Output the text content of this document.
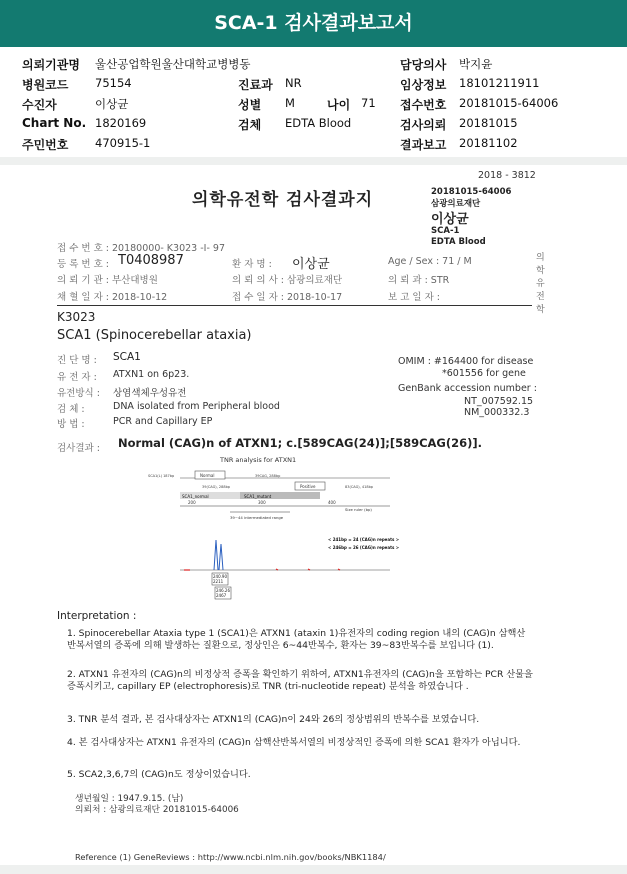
SCA-1 검사결과보고서
의뢰기관명 울산공업학원울산대학교병병동	담당의사 박지윤
병원코드 75154	진료과 NR	임상정보 18101211911
수진자	이상균	성별 M	나이 71 접수번호 20181015-64006
Chart No. 1820169	검체 EDTA Blood	검사의뢰 20181015
주민번호 470915-1	결과보고 20181102
2018 - 3812
의학유전학 검사결과지	20181015-64006
삼광의료재단
이상균
SCA-1
EDTA Blood
의학유전학
접 수 번 호 : 20180000- K3023 -I- 97
등 록 번 호 : T0408987	환 자 명 : 이상균	Age / Sex : 71 / M
의 뢰 기 관 : 부산대병원	의 뢰 의 사 : 삼광의료재단	의 뢰 과 : STR
채 혈 일 자 : 2018-10-12	접 수 일 자 : 2018-10-17	보 고 일 자 :
K3023
SCA1 (Spinocerebellar ataxia)
진 단 명 : SCA1
유 전 자 : ATXN1 on 6p23.
유전방식 : 상염색체우성유전
검 체 :	DNA isolated from Peripheral blood
방 법 :	PCR and Capillary EP
OMIM : #164400 for disease
*601556 for gene
GenBank accession number :
NT_007592.15
NM_000332.3
검사결과 : Normal (CAG)n of ATXN1; c.[589CAG(24)];[589CAG(26)].
TNR analysis for ATXN1
SCA1(L) 187bp	Normal	39CAG, 288bp
39(CAG), 288bp	Positive	83(CAG), 418bp
SCA1_normal	SCA1_mutant
200	300	400
39~44 intermediated range
Size ruler (bp)
< 241bp = 24 (CAG)n repeats >
< 246bp = 26 (CAG)n repeats >
240.90
2211
246.26
2467
Interpretation :
1. Spinocerebellar Ataxia type 1 (SCA1)은 ATXN1 (ataxin 1)유전자의 coding region 내의 (CAG)n 삼핵산 반복서열의 증폭에 의해 발생하는 질환으로, 정상인은 6~44반복수, 환자는 39~83반복수를 보입니다 (1).
2. ATXN1 유전자의 (CAG)n의 비정상적 증폭을 확인하기 위하여, ATXN1유전자의 (CAG)n을 포함하는 PCR 산물을 증폭시키고, capillary EP (electrophoresis)로 TNR (tri-nucleotide repeat) 분석을 하였습니다 .
3. TNR 분석 결과, 본 검사대상자는 ATXN1의 (CAG)n이 24와 26의 정상범위의 반복수를 보였습니다.
4. 본 검사대상자는 ATXN1 유전자의 (CAG)n 삼핵산반복서열의 비정상적인 증폭에 의한 SCA1 환자가 아닙니다.
5. SCA2,3,6,7의 (CAG)n도 정상이었습니다.
생년월일 : 1947.9.15. (남)
의뢰처 : 삼광의료재단 20181015-64006
Reference (1) GeneReviews : http://www.ncbi.nlm.nih.gov/books/NBK1184/
